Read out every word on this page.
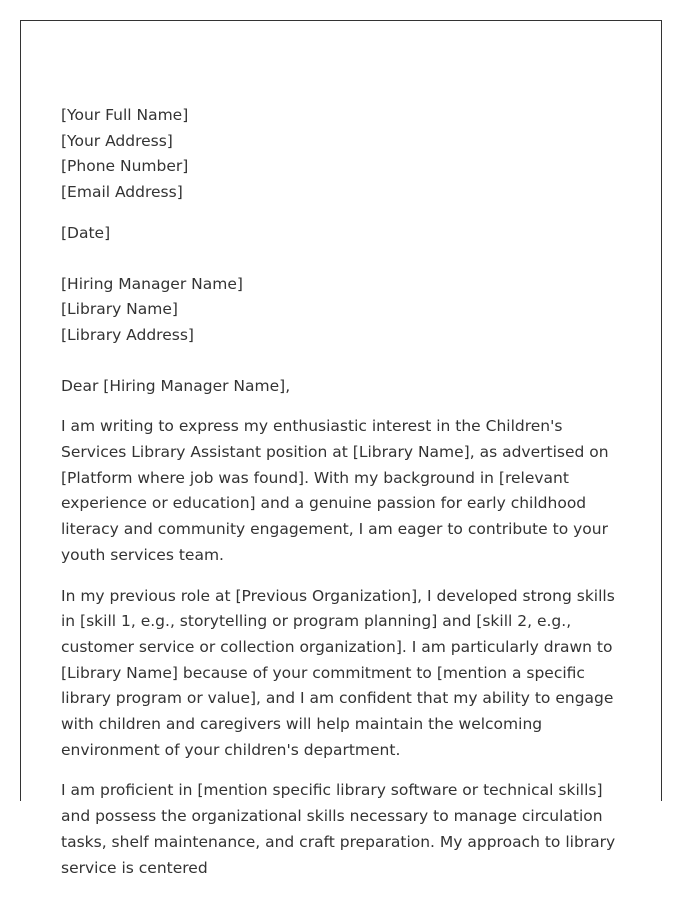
[Your Full Name]

[Your Address]

[Phone Number]

[Email Address]

[Date]

[Hiring Manager Name]

[Library Name]

[Library Address]

Dear [Hiring Manager Name],

I am writing to express my enthusiastic interest in the Children's Services Library Assistant position at [Library Name], as advertised on [Platform where job was found]. With my background in [relevant experience or education] and a genuine passion for early childhood literacy and community engagement, I am eager to contribute to your youth services team.

In my previous role at [Previous Organization], I developed strong skills in [skill 1, e.g., storytelling or program planning] and [skill 2, e.g., customer service or collection organization]. I am particularly drawn to [Library Name] because of your commitment to [mention a specific library program or value], and I am confident that my ability to engage with children and caregivers will help maintain the welcoming environment of your children's department.

I am proficient in [mention specific library software or technical skills] and possess the organizational skills necessary to manage circulation tasks, shelf maintenance, and craft preparation. My approach to library service is centered
